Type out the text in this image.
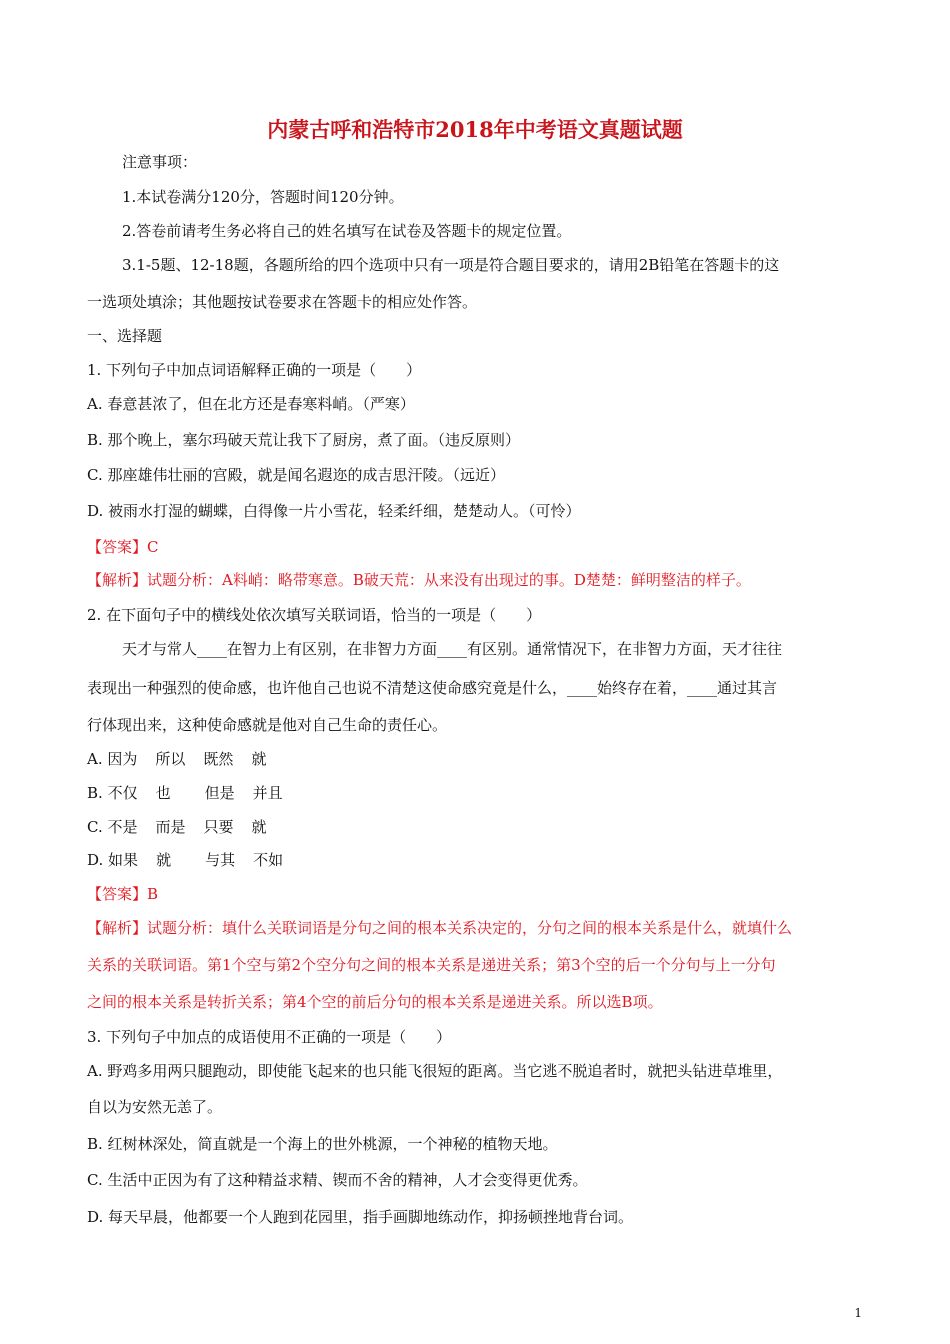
内蒙古呼和浩特市2018年中考语文真题试题
注意事项：
1.本试卷满分120分，答题时间120分钟。
2.答卷前请考生务必将自己的姓名填写在试卷及答题卡的规定位置。
3.1-5题、12-18题，各题所给的四个选项中只有一项是符合题目要求的，请用2B铅笔在答题卡的这
一选项处填涂；其他题按试卷要求在答题卡的相应处作答。
一、选择题
1. 下列句子中加点词语解释正确的一项是（　　）
A. 春意甚浓了，但在北方还是春寒料峭。（严寒）
B. 那个晚上，塞尔玛破天荒让我下了厨房，煮了面。（违反原则）
C. 那座雄伟壮丽的宫殿，就是闻名遐迩的成吉思汗陵。（远近）
D. 被雨水打湿的蝴蝶，白得像一片小雪花，轻柔纤细，楚楚动人。（可怜）
【答案】C
【解析】试题分析：A料峭：略带寒意。B破天荒：从来没有出现过的事。D楚楚：鲜明整洁的样子。
2. 在下面句子中的横线处依次填写关联词语，恰当的一项是（　　）
天才与常人____在智力上有区别，在非智力方面____有区别。通常情况下，在非智力方面，天才往往
表现出一种强烈的使命感，也许他自己也说不清楚这使命感究竟是什么，____始终存在着，____通过其言
行体现出来，这种使命感就是他对自己生命的责任心。
A. 因为 所以 既然 就
B. 不仅 也 但是 并且
C. 不是 而是 只要 就
D. 如果 就 与其 不如
【答案】B
【解析】试题分析：填什么关联词语是分句之间的根本关系决定的，分句之间的根本关系是什么，就填什么
关系的关联词语。第1个空与第2个空分句之间的根本关系是递进关系；第3个空的后一个分句与上一分句
之间的根本关系是转折关系；第4个空的前后分句的根本关系是递进关系。所以选B项。
3. 下列句子中加点的成语使用不正确的一项是（　　）
A. 野鸡多用两只腿跑动，即使能飞起来的也只能飞很短的距离。当它逃不脱追者时，就把头钻进草堆里，
自以为安然无恙了。
B. 红树林深处，简直就是一个海上的世外桃源，一个神秘的植物天地。
C. 生活中正因为有了这种精益求精、锲而不舍的精神，人才会变得更优秀。
D. 每天早晨，他都要一个人跑到花园里，指手画脚地练动作，抑扬顿挫地背台词。
1
